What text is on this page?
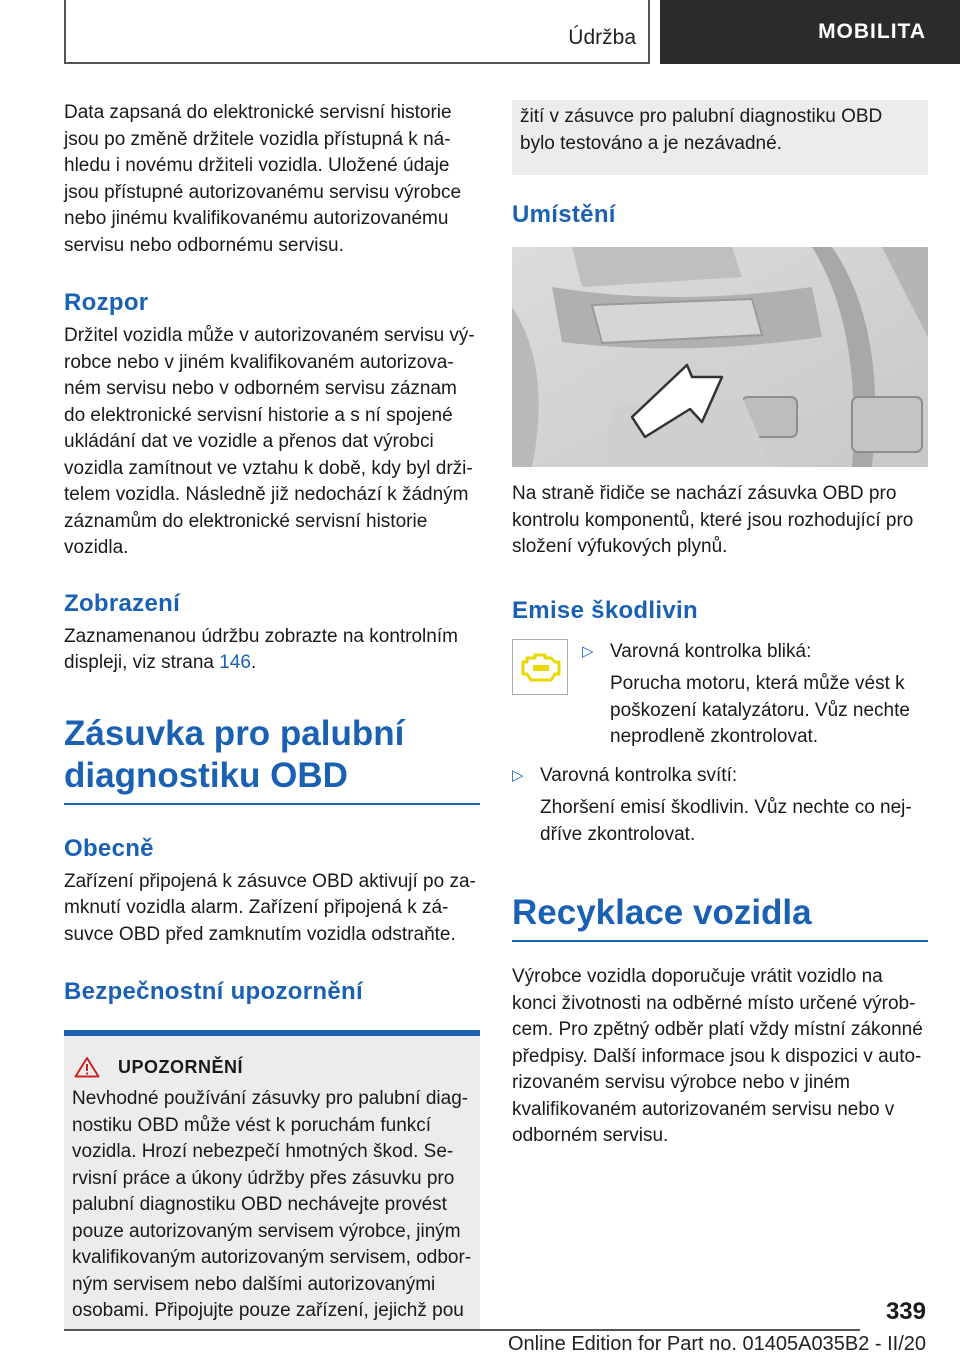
Údržba	MOBILITA

Data zapsaná do elektronické servisní historie jsou po změně držitele vozidla přístupná k náhledu i novému držiteli vozidla. Uložené údaje jsou přístupné autorizovanému servisu výrobce nebo jinému kvalifikovanému autorizovanému servisu nebo odbornému servisu.

Rozpor

Držitel vozidla může v autorizovaném servisu výrobce nebo v jiném kvalifikovaném autorizovaném servisu nebo v odborném servisu záznam do elektronické servisní historie a s ní spojené ukládání dat ve vozidle a přenos dat výrobci vozidla zamítnout ve vztahu k době, kdy byl držitelem vozidla. Následně již nedochází k žádným záznamům do elektronické servisní historie vozidla.

Zobrazení

Zaznamenanou údržbu zobrazte na kontrolním displeji, viz strana 146.

Zásuvka pro palubní diagnostiku OBD
Obecně

Zařízení připojená k zásuvce OBD aktivují po zamknutí vozidla alarm. Zařízení připojená k zásuvce OBD před zamknutím vozidla odstraňte.

Bezpečnostní upozornění
UPOZORNĚNÍ

Nevhodné používání zásuvky pro palubní diagnostiku OBD může vést k poruchám funkcí vozidla. Hrozí nebezpečí hmotných škod. Servisní práce a úkony údržby přes zásuvku pro palubní diagnostiku OBD nechávejte provést pouze autorizovaným servisem výrobce, jiným kvalifikovaným autorizovaným servisem, odborným servisem nebo dalšími autorizovanými osobami. Připojujte pouze zařízení, jejichž pou

žití v zásuvce pro palubní diagnostiku OBD bylo testováno a je nezávadné.

Umístění

Na straně řidiče se nachází zásuvka OBD pro kontrolu komponentů, které jsou rozhodující pro složení výfukových plynů.

Emise škodlivin
▷ Varovná kontrolka bliká:

Porucha motoru, která může vést k poškození katalyzátoru. Vůz nechte neprodleně zkontrolovat.

▷ Varovná kontrolka svítí:

Zhoršení emisí škodlivin. Vůz nechte co nejdříve zkontrolovat.

Recyklace vozidla

Výrobce vozidla doporučuje vrátit vozidlo na konci životnosti na odběrné místo určené výrobcem. Pro zpětný odběr platí vždy místní zákonné předpisy. Další informace jsou k dispozici v autorizovaném servisu výrobce nebo v jiném kvalifikovaném autorizovaném servisu nebo v odborném servisu.

339
Online Edition for Part no. 01405A035B2 - II/20
